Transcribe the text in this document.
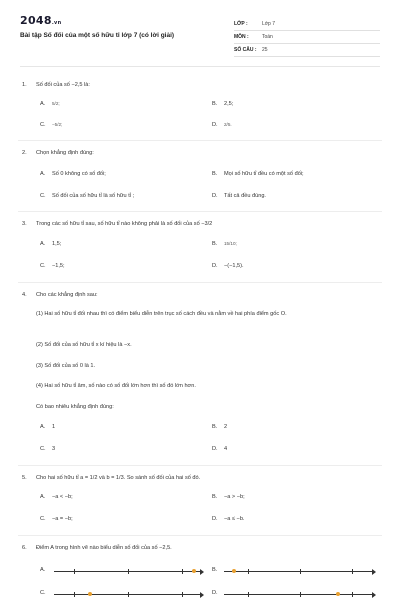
2048.vn
Bài tập Số đối của một số hữu tỉ lớp 7 (có lời giải)
LỚP :	Lớp 7
MÔN :	Toán
SỐ CÂU : 25
1.	Số đối của số −2,5 là:
A. 5/2;	B. 2,5;
C. −5/2;	D. 2/5.
2.	Chọn khẳng định đúng:
A. Số 0 không có số đối;	B. Mọi số hữu tỉ đều có một số đối;
C. Số đối của số hữu tỉ là số hữu tỉ ;	D. Tất cả đều đúng.
3.	Trong các số hữu tỉ sau, số hữu tỉ nào không phải là số đối của số −3/2
A. 1,5;	B. 15/10;
C. −1,5;	D. −(−1,5).
4.	Cho các khẳng định sau:
(1) Hai số hữu tỉ đối nhau thì có điểm biểu diễn trên trục số cách đều và nằm về hai phía điểm gốc O.
(2) Số đối của số hữu tỉ x kí hiệu là −x.
(3) Số đối của số 0 là 1.
(4) Hai số hữu tỉ âm, số nào có số đối lớn hơn thì số đó lớn hơn.
Có bao nhiêu khẳng định đúng:
A. 1	B. 2
C. 3	D. 4
5.	Cho hai số hữu tỉ a = 1/2 và b = 1/3. So sánh số đối của hai số đó.
A. −a < −b;	B. −a > −b;
C. −a = −b;	D. −a ≤ −b.
6.	Điểm A trong hình vẽ nào biểu diễn số đối của số −2,5.
A.	B.
C.	D.
